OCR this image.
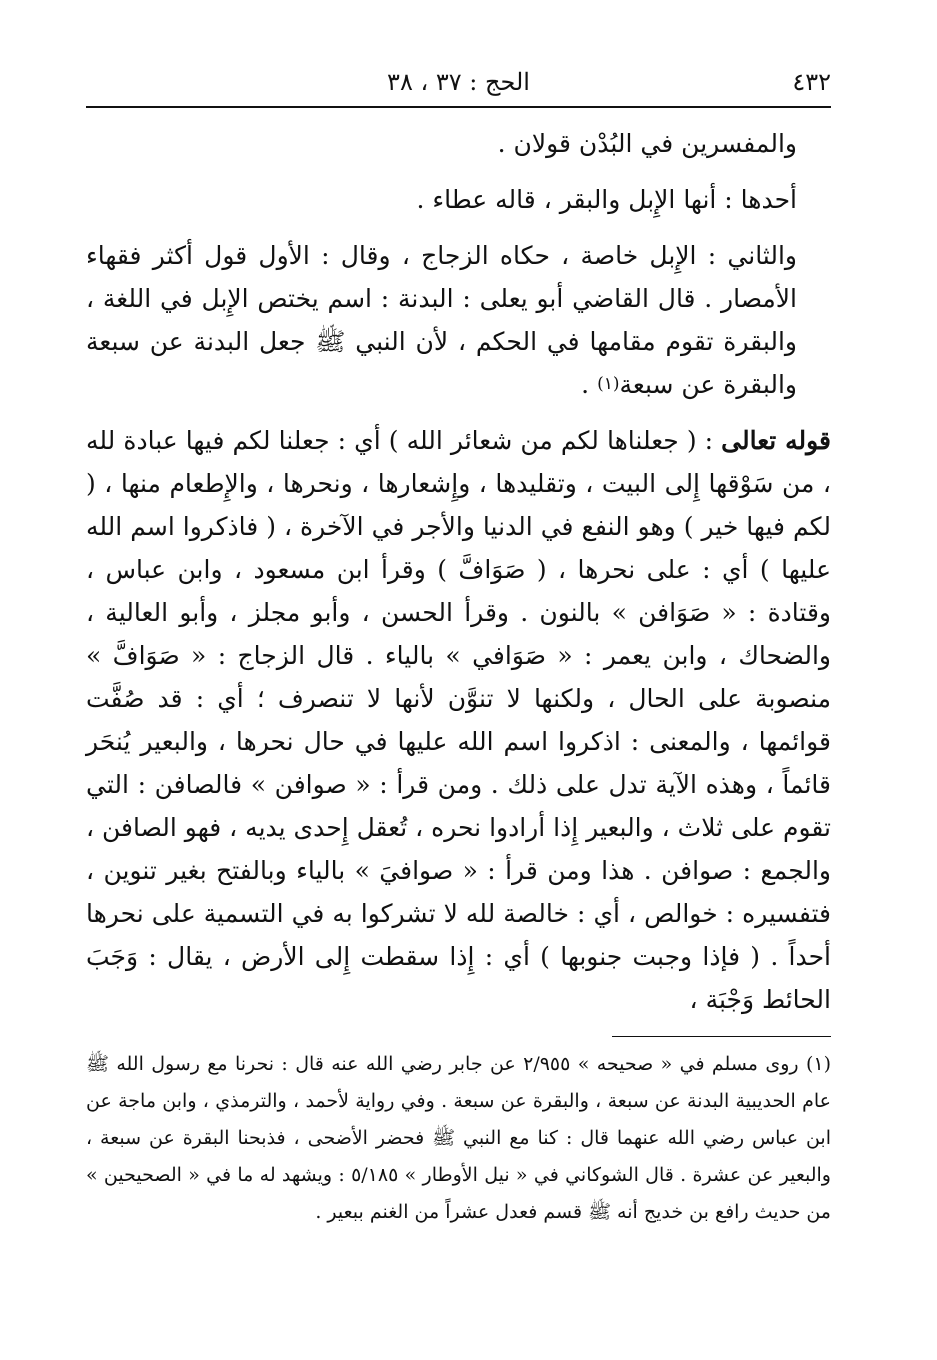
٤٣٢
الحج : ٣٧ ، ٣٨

والمفسرين في البُدْن قولان .

أحدها : أنها الإِبل والبقر ، قاله عطاء .

والثاني : الإِبل خاصة ، حكاه الزجاج ، وقال : الأول قول أكثر فقهاء الأمصار . قال القاضي أبو يعلى : البدنة : اسم يختص الإِبل في اللغة ، والبقرة تقوم مقامها في الحكم ، لأن النبي ﷺ جعل البدنة عن سبعة والبقرة عن سبعة$^{(١)}$ .

قوله تعالى : ( جعلناها لكم من شعائر الله ) أي : جعلنا لكم فيها عبادة لله ، من سَوْقها إِلى البيت ، وتقليدها ، وإِشعارها ، ونحرها ، والإِطعام منها ، ( لكم فيها خير ) وهو النفع في الدنيا والأجر في الآخرة ، ( فاذكروا اسم الله عليها ) أي : على نحرها ، ( صَوَافَّ ) وقرأ ابن مسعود ، وابن عباس ، وقتادة : « صَوَافن » بالنون . وقرأ الحسن ، وأبو مجلز ، وأبو العالية ، والضحاك ، وابن يعمر : « صَوَافي » بالياء . قال الزجاج : « صَوَافَّ » منصوبة على الحال ، ولكنها لا تنوَّن لأنها لا تنصرف ؛ أي : قد صُفَّت قوائمها ، والمعنى : اذكروا اسم الله عليها في حال نحرها ، والبعير يُنحَر قائماً ، وهذه الآية تدل على ذلك . ومن قرأ : « صوافن » فالصافن : التي تقوم على ثلاث ، والبعير إِذا أرادوا نحره ، تُعقل إِحدى يديه ، فهو الصافن ، والجمع : صوافن . هذا ومن قرأ : « صوافيَ » بالياء وبالفتح بغير تنوين ، فتفسيره : خوالص ، أي : خالصة لله لا تشركوا به في التسمية على نحرها أحداً . ( فإذا وجبت جنوبها ) أي : إِذا سقطت إِلى الأرض ، يقال : وَجَبَ الحائط وَجْبَة ،

(١) روى مسلم في « صحيحه » ٢/٩٥٥ عن جابر رضي الله عنه قال : نحرنا مع رسول الله ﷺ عام الحديبية البدنة عن سبعة ، والبقرة عن سبعة . وفي رواية لأحمد ، والترمذي ، وابن ماجة عن ابن عباس رضي الله عنهما قال : كنا مع النبي ﷺ فحضر الأضحى ، فذبحنا البقرة عن سبعة ، والبعير عن عشرة . قال الشوكاني في « نيل الأوطار » ٥/١٨٥ : ويشهد له ما في « الصحيحين » من حديث رافع بن خديج أنه ﷺ قسم فعدل عشراً من الغنم ببعير .
